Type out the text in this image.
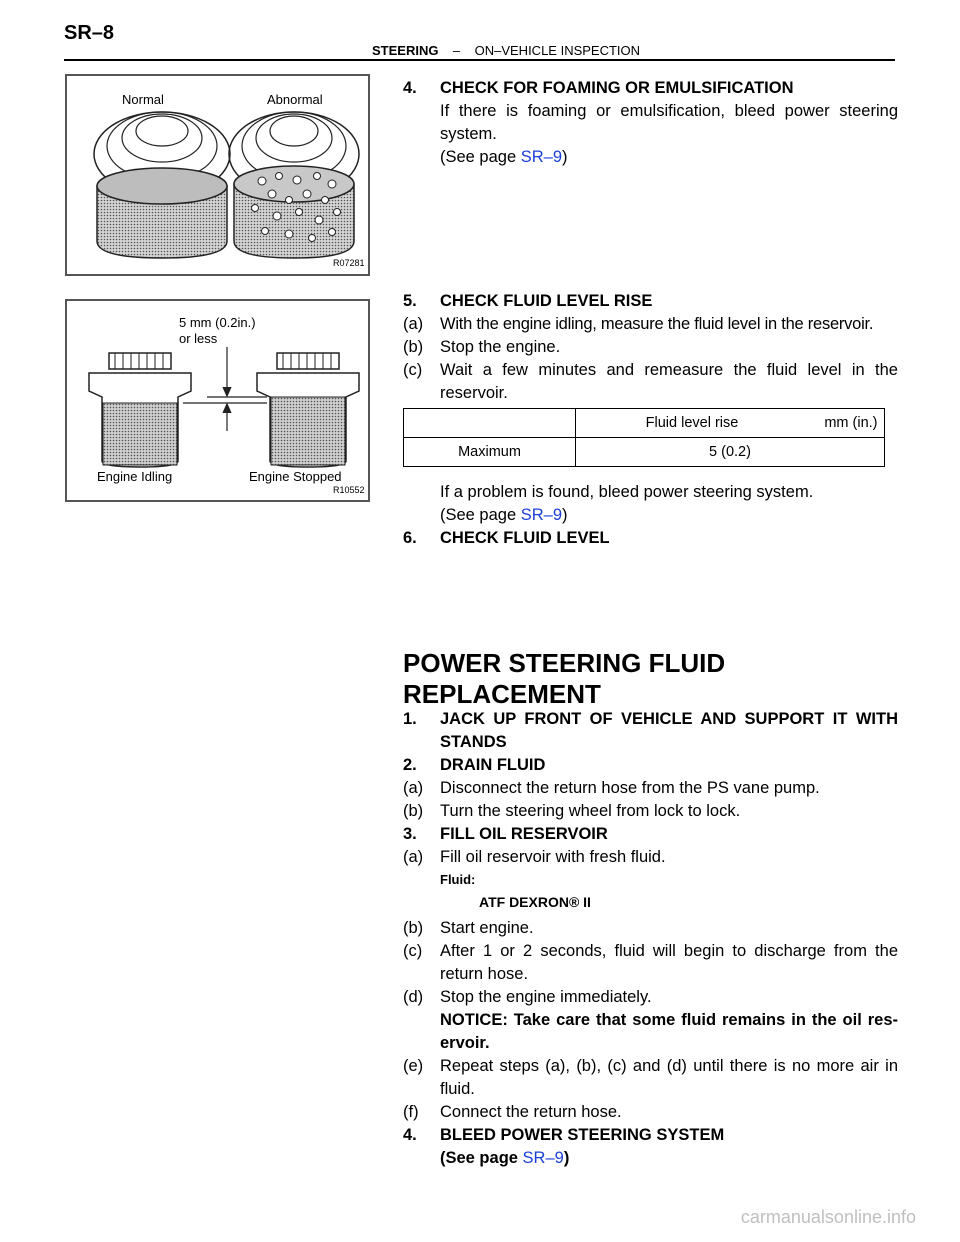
SR–8
STEERING – ON–VEHICLE INSPECTION
Normal	Abnormal
R07281
5 mm (0.2in.)
or less
Engine Idling	Engine Stopped
R10552
4. CHECK FOR FOAMING OR EMULSIFICATION
If there is foaming or emulsification, bleed power steering
system.
(See page SR–9)
5. CHECK FLUID LEVEL RISE
(a) With the engine idling, measure the fluid level in the reservoir.
(b) Stop the engine.
(c) Wait a few minutes and remeasure the fluid level in the
reservoir.
	Fluid level rise mm (in.)

Maximum	5 (0.2)
If a problem is found, bleed power steering system.
(See page SR–9)
6. CHECK FLUID LEVEL
POWER STEERING FLUID
REPLACEMENT
1. JACK UP FRONT OF VEHICLE AND SUPPORT IT WITH
STANDS
2. DRAIN FLUID
(a) Disconnect the return hose from the PS vane pump.
(b) Turn the steering wheel from lock to lock.
3. FILL OIL RESERVOIR
(a) Fill oil reservoir with fresh fluid.
Fluid:
ATF DEXRON® II
(b) Start engine.
(c) After 1 or 2 seconds, fluid will begin to discharge from the
return hose.
(d) Stop the engine immediately.
NOTICE: Take care that some fluid remains in the oil res-
ervoir.
(e) Repeat steps (a), (b), (c) and (d) until there is no more air in
fluid.
(f) Connect the return hose.
4. BLEED POWER STEERING SYSTEM
(See page SR–9)
carmanualsonline.info
